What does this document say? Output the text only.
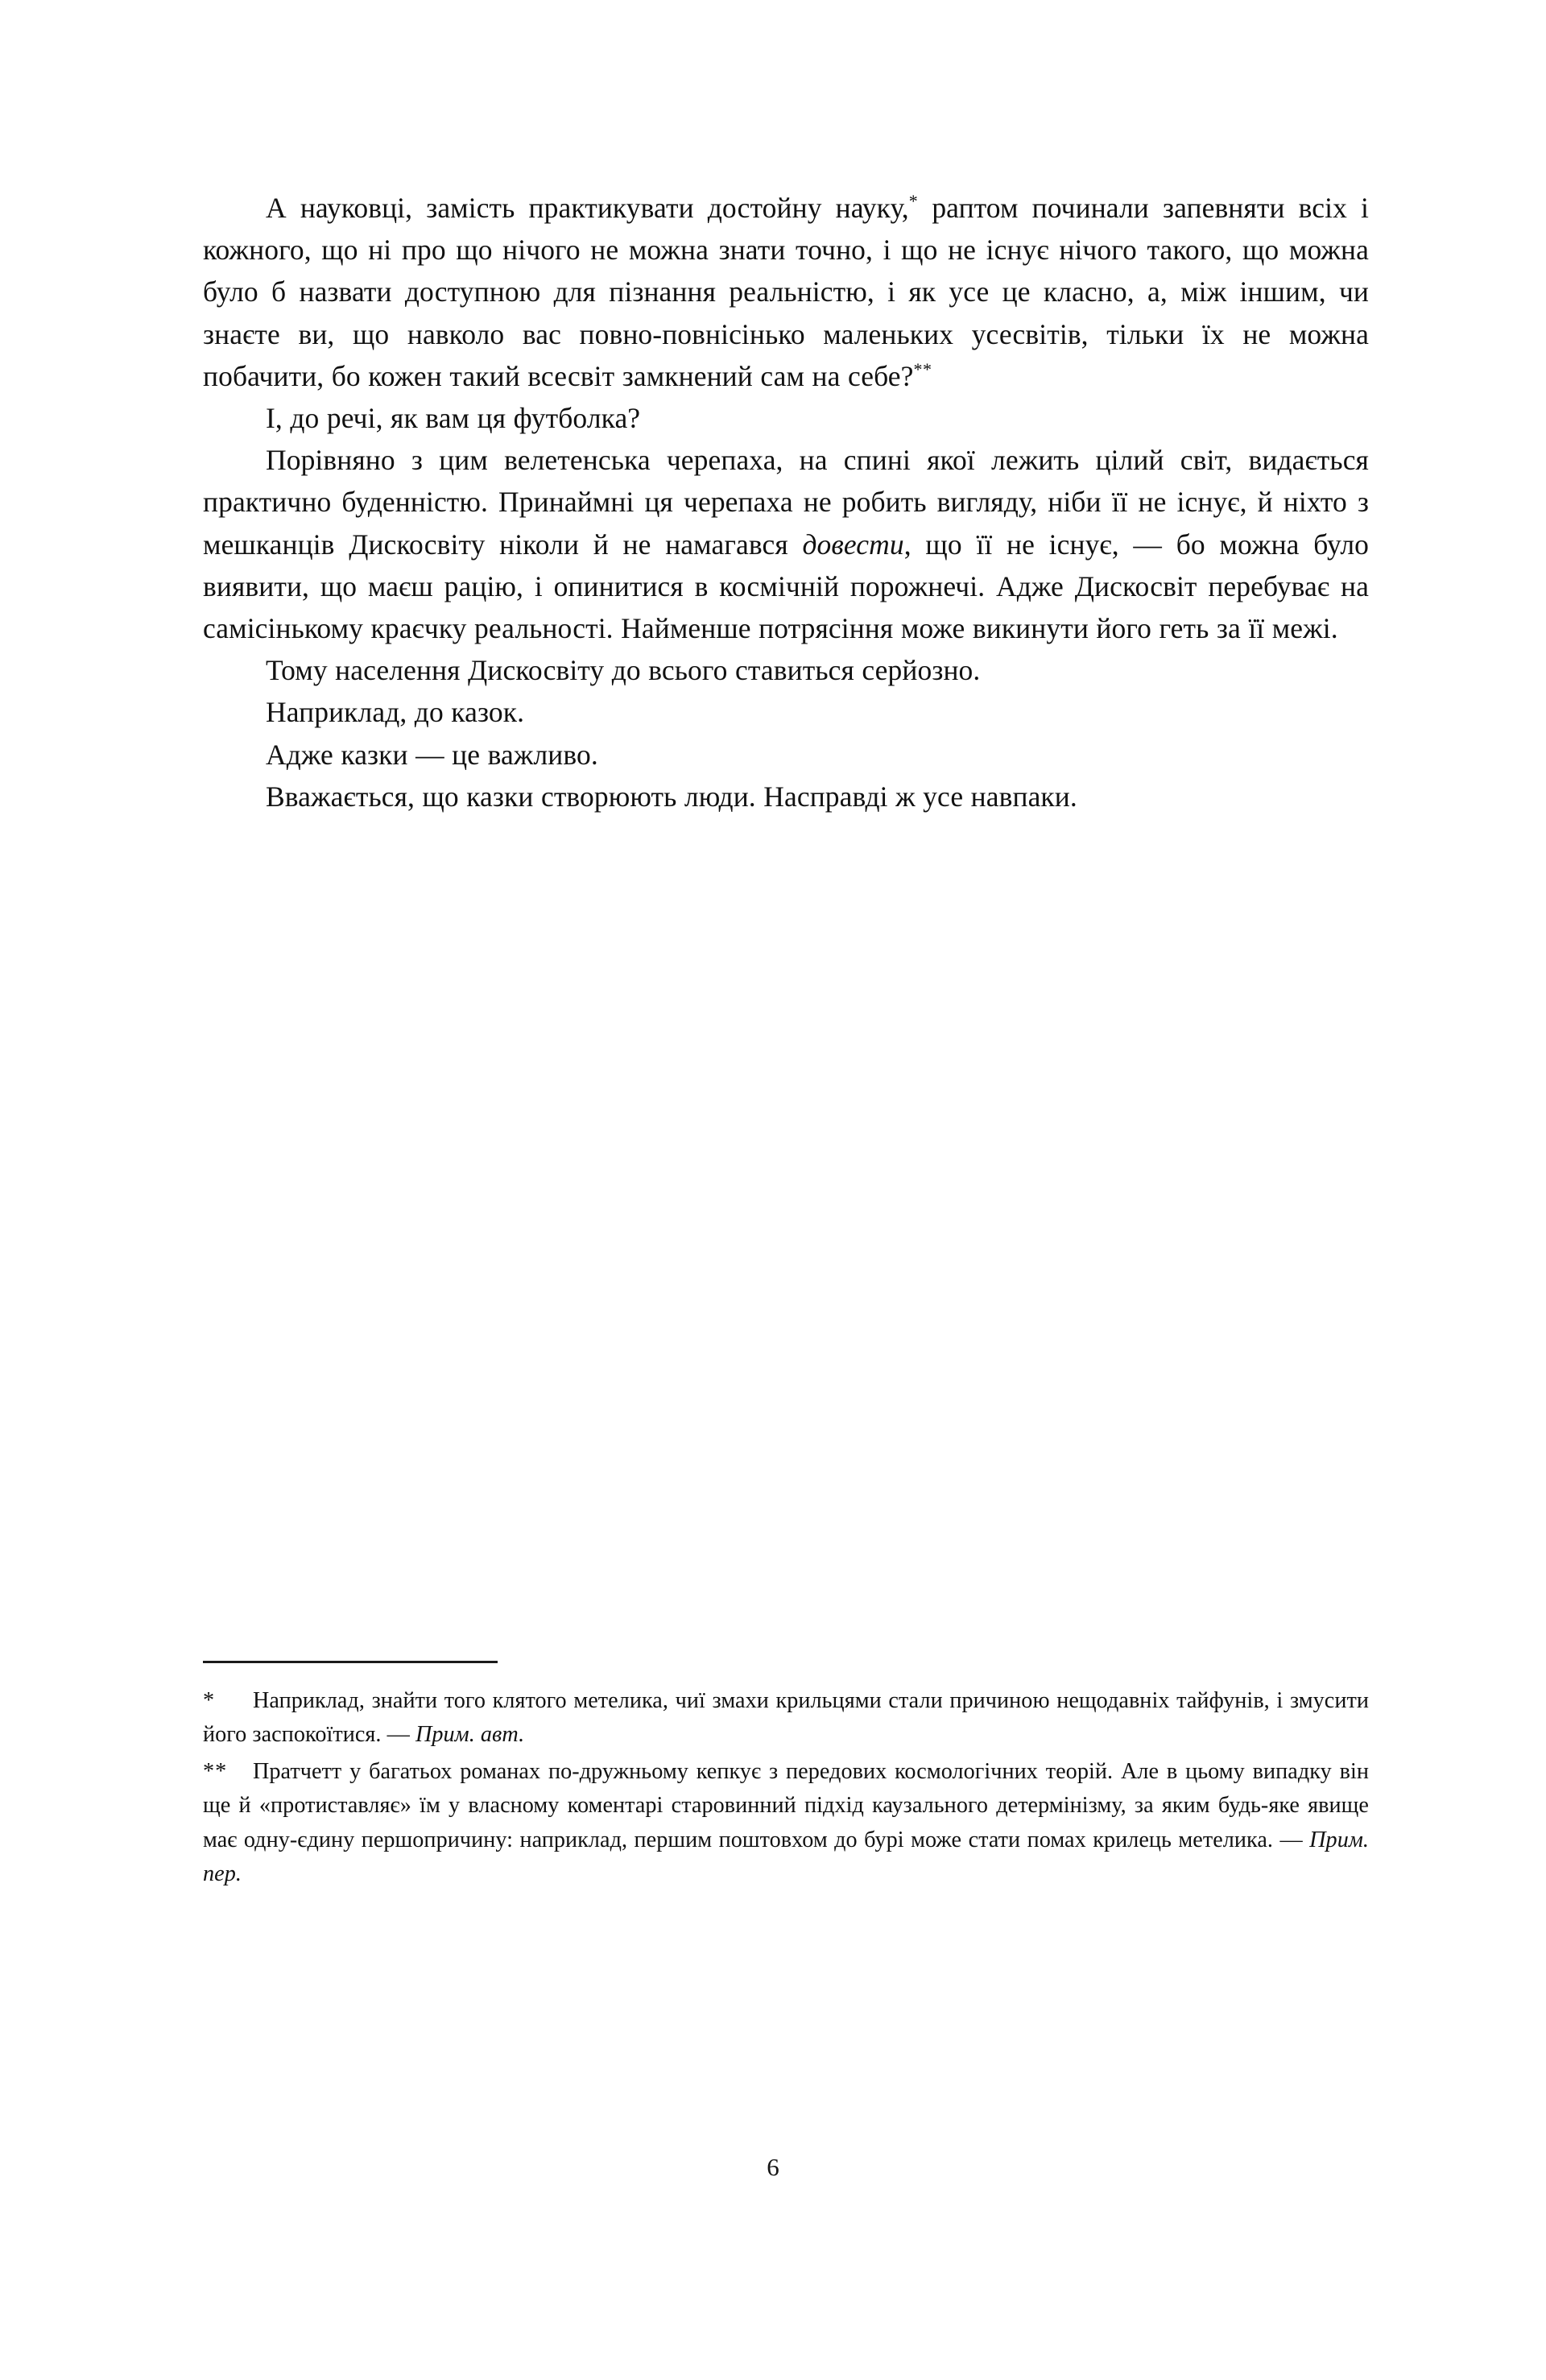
А науковці, замість практикувати достойну науку,* раптом починали запевняти всіх і кожного, що ні про що нічого не можна знати точно, і що не існує нічого такого, що можна було б назвати доступною для пізнання реальністю, і як усе це класно, а, між іншим, чи знаєте ви, що навколо вас повно-повнісінько маленьких усесвітів, тільки їх не можна побачити, бо кожен такий всесвіт замкнений сам на себе?**

І, до речі, як вам ця футболка?

Порівняно з цим велетенська черепаха, на спині якої лежить цілий світ, видається практично буденністю. Принаймні ця черепаха не робить вигляду, ніби її не існує, й ніхто з мешканців Дискосвіту ніколи й не намагався довести, що її не існує, — бо можна було виявити, що маєш рацію, і опинитися в космічній порожнечі. Адже Дискосвіт перебуває на самісінькому краєчку реальності. Найменше потрясіння може викинути його геть за її межі.

Тому населення Дискосвіту до всього ставиться серйозно.

Наприклад, до казок.

Адже казки — це важливо.

Вважається, що казки створюють люди. Насправді ж усе навпаки.

* Наприклад, знайти того клятого метелика, чиї змахи крильцями стали причиною нещодавніх тайфунів, і змусити його заспокоїтися. — Прим. авт.

** Пратчетт у багатьох романах по-дружньому кепкує з передових космологічних теорій. Але в цьому випадку він ще й «протиставляє» їм у власному коментарі старовинний підхід каузального детермінізму, за яким будь-яке явище має одну-єдину першопричину: наприклад, першим поштовхом до бурі може стати помах крилець метелика. — Прим. пер.

6
